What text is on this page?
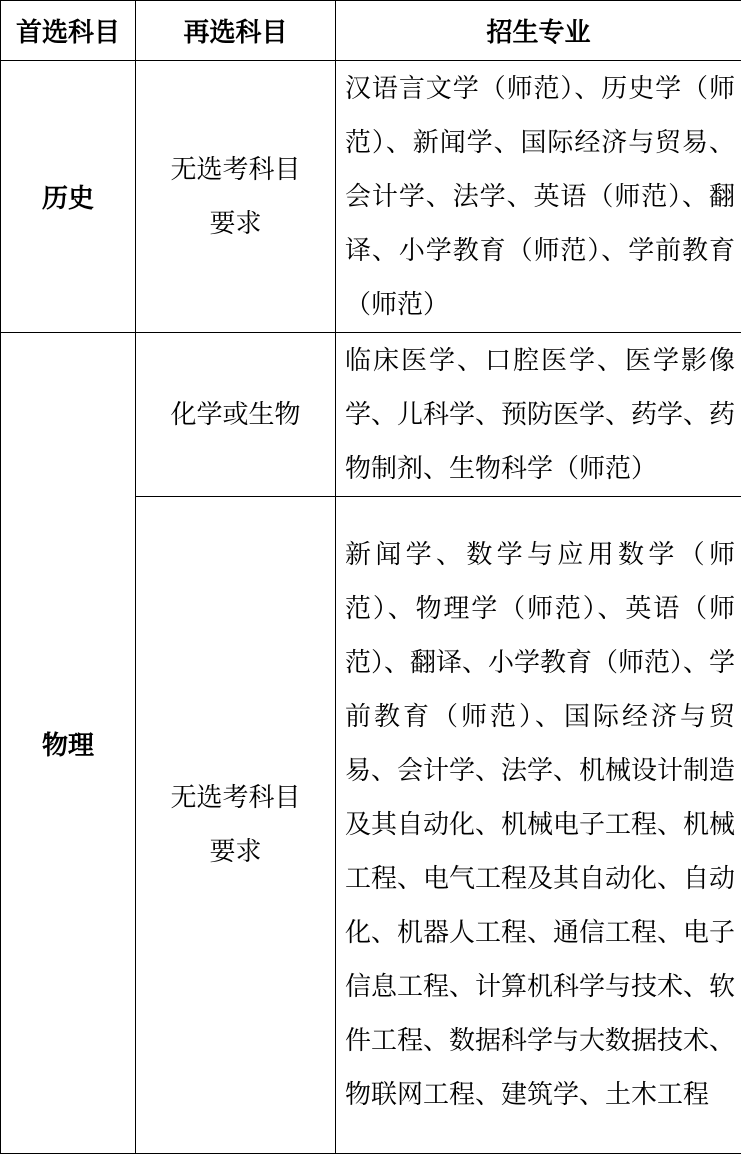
首选科目	再选科目	招生专业
历史	无选考科目要求	汉语言文学（师范）、历史学（师范）、新闻学、国际经济与贸易、会计学、法学、英语（师范）、翻译、小学教育（师范）、学前教育（师范）
物理	化学或生物	临床医学、口腔医学、医学影像学、儿科学、预防医学、药学、药物制剂、生物科学（师范）
	无选考科目要求	新闻学、数学与应用数学（师范）、物理学（师范）、英语（师范）、翻译、小学教育（师范）、学前教育（师范）、国际经济与贸易、会计学、法学、机械设计制造及其自动化、机械电子工程、机械工程、电气工程及其自动化、自动化、机器人工程、通信工程、电子信息工程、计算机科学与技术、软件工程、数据科学与大数据技术、物联网工程、建筑学、土木工程
